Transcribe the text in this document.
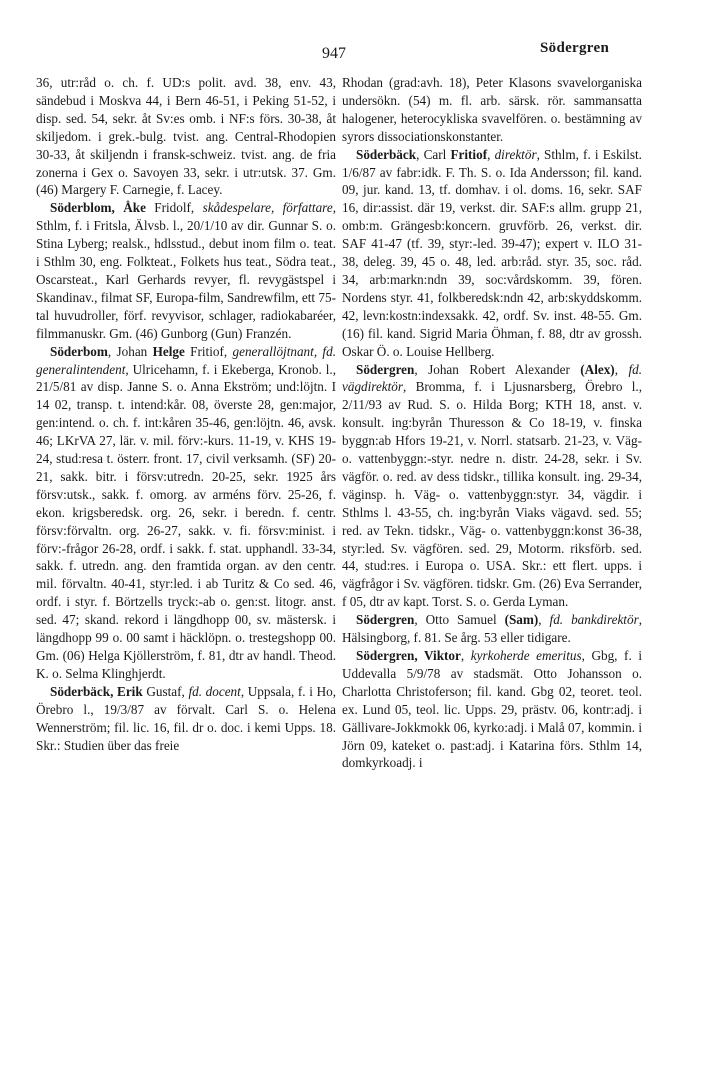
947	Södergren

36, utr:råd o. ch. f. UD:s polit. avd. 38, env. 43, sändebud i Moskva 44, i Bern 46-51, i Peking 51-52, i disp. sed. 54, sekr. åt Sv:es omb. i NF:s förs. 30-38, åt skiljedom. i grek.-bulg. tvist. ang. Central-Rhodopien 30-33, åt skiljendn i fransk-schweiz. tvist. ang. de fria zonerna i Gex o. Savoyen 33, sekr. i utr:utsk. 37. Gm. (46) Margery F. Carnegie, f. Lacey.

Söderblom, Åke Fridolf, skådespelare, författare, Sthlm, f. i Fritsla, Älvsb. l., 20/1/10 av dir. Gunnar S. o. Stina Lyberg; realsk., hdlsstud., debut inom film o. teat. i Sthlm 30, eng. Folkteat., Folkets hus teat., Södra teat., Oscarsteat., Karl Gerhards revyer, fl. revygästspel i Skandinav., filmat SF, Europa-film, Sandrewfilm, ett 75-tal huvudroller, förf. revyvisor, schlager, radiokabaréer, filmmanuskr. Gm. (46) Gunborg (Gun) Franzén.

Söderbom, Johan Helge Fritiof, generallöjtnant, fd. generalintendent, Ulricehamn, f. i Ekeberga, Kronob. l., 21/5/81 av disp. Janne S. o. Anna Ekström; und:löjtn. I 14 02, transp. t. intend:kår. 08, överste 28, gen:major, gen:intend. o. ch. f. int:kåren 35-46, gen:löjtn. 46, avsk. 46; LKrVA 27, lär. v. mil. förv:-kurs. 11-19, v. KHS 19-24, stud:resa t. österr. front. 17, civil verksamh. (SF) 20-21, sakk. bitr. i försv:utredn. 20-25, sekr. 1925 års försv:utsk., sakk. f. omorg. av arméns förv. 25-26, f. ekon. krigsberedsk. org. 26, sekr. i beredn. f. centr. försv:förvaltn. org. 26-27, sakk. v. fi. försv:minist. i förv:-frågor 26-28, ordf. i sakk. f. stat. upphandl. 33-34, sakk. f. utredn. ang. den framtida organ. av den centr. mil. förvaltn. 40-41, styr:led. i ab Turitz & Co sed. 46, ordf. i styr. f. Börtzells tryck:-ab o. gen:st. litogr. anst. sed. 47; skand. rekord i längdhopp 00, sv. mästersk. i längdhopp 99 o. 00 samt i häcklöpn. o. trestegshopp 00. Gm. (06) Helga Kjöllerström, f. 81, dtr av handl. Theod. K. o. Selma Klinghjerdt.

Söderbäck, Erik Gustaf, fd. docent, Uppsala, f. i Ho, Örebro l., 19/3/87 av förvalt. Carl S. o. Helena Wennerström; fil. lic. 16, fil. dr o. doc. i kemi Upps. 18. Skr.: Studien über das freie

Rhodan (grad:avh. 18), Peter Klasons svavelorganiska undersökn. (54) m. fl. arb. särsk. rör. sammansatta halogener, heterocykliska svavelfören. o. bestämning av syrors dissociationskonstanter.

Söderbäck, Carl Fritiof, direktör, Sthlm, f. i Eskilst. 1/6/87 av fabr:idk. F. Th. S. o. Ida Andersson; fil. kand. 09, jur. kand. 13, tf. domhav. i ol. doms. 16, sekr. SAF 16, dir:assist. där 19, verkst. dir. SAF:s allm. grupp 21, omb:m. Grängesb:koncern. gruvförb. 26, verkst. dir. SAF 41-47 (tf. 39, styr:-led. 39-47); expert v. ILO 31-38, deleg. 39, 45 o. 48, led. arb:råd. styr. 35, soc. råd. 34, arb:markn:ndn 39, soc:vårdskomm. 39, fören. Nordens styr. 41, folkberedsk:ndn 42, arb:skyddskomm. 42, levn:kostn:indexsakk. 42, ordf. Sv. inst. 48-55. Gm. (16) fil. kand. Sigrid Maria Öhman, f. 88, dtr av grossh. Oskar Ö. o. Louise Hellberg.

Södergren, Johan Robert Alexander (Alex), fd. vägdirektör, Bromma, f. i Ljusnarsberg, Örebro l., 2/11/93 av Rud. S. o. Hilda Borg; KTH 18, anst. v. konsult. ing:byrån Thuresson & Co 18-19, v. finska byggn:ab Hfors 19-21, v. Norrl. statsarb. 21-23, v. Väg- o. vattenbyggn:-styr. nedre n. distr. 24-28, sekr. i Sv. vägför. o. red. av dess tidskr., tillika konsult. ing. 29-34, väginsp. h. Väg- o. vattenbyggn:styr. 34, vägdir. i Sthlms l. 43-55, ch. ing:byrån Viaks vägavd. sed. 55; red. av Tekn. tidskr., Väg- o. vattenbyggn:konst 36-38, styr:led. Sv. vägfören. sed. 29, Motorm. riksförb. sed. 44, stud:res. i Europa o. USA. Skr.: ett flert. upps. i vägfrågor i Sv. vägfören. tidskr. Gm. (26) Eva Serrander, f 05, dtr av kapt. Torst. S. o. Gerda Lyman.

Södergren, Otto Samuel (Sam), fd. bankdirektör, Hälsingborg, f. 81. Se årg. 53 eller tidigare.

Södergren, Viktor, kyrkoherde emeritus, Gbg, f. i Uddevalla 5/9/78 av stadsmät. Otto Johansson o. Charlotta Christoferson; fil. kand. Gbg 02, teoret. teol. ex. Lund 05, teol. lic. Upps. 29, prästv. 06, kontr:adj. i Gällivare-Jokkmokk 06, kyrko:adj. i Malå 07, kommin. i Jörn 09, kateket o. past:adj. i Katarina förs. Sthlm 14, domkyrkoadj. i
